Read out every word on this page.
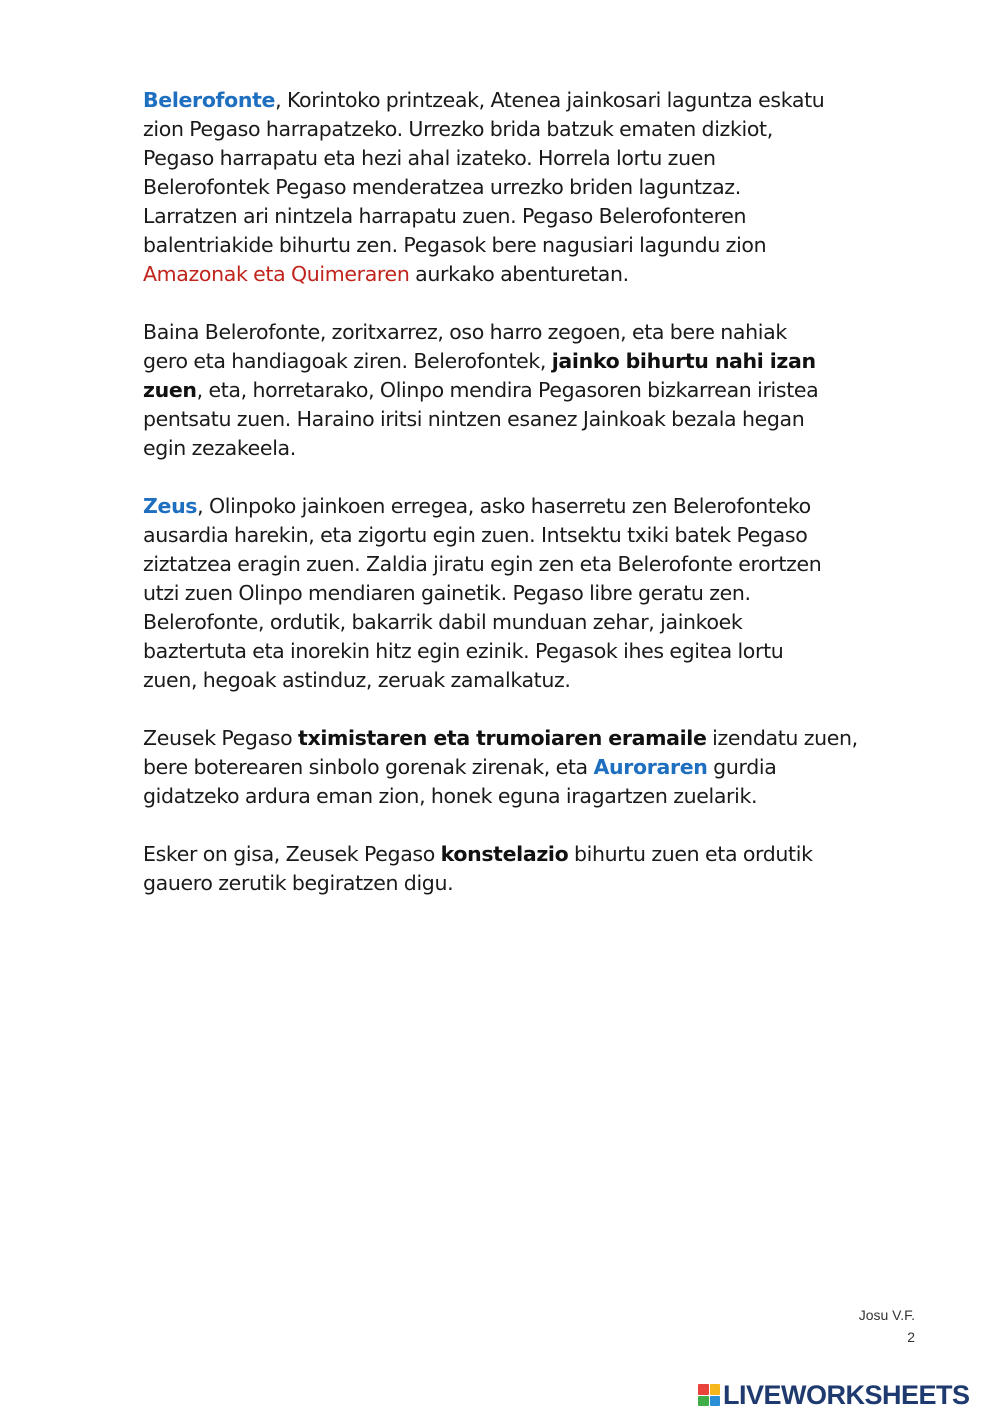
Belerofonte, Korintoko printzeak, Atenea jainkosari laguntza eskatu
zion Pegaso harrapatzeko. Urrezko brida batzuk ematen dizkiot,
Pegaso harrapatu eta hezi ahal izateko. Horrela lortu zuen
Belerofontek Pegaso menderatzea urrezko briden laguntzaz.
Larratzen ari nintzela harrapatu zuen. Pegaso Belerofonteren
balentriakide bihurtu zen. Pegasok bere nagusiari lagundu zion
Amazonak eta Quimeraren aurkako abenturetan.

Baina Belerofonte, zoritxarrez, oso harro zegoen, eta bere nahiak
gero eta handiagoak ziren. Belerofontek, jainko bihurtu nahi izan
zuen, eta, horretarako, Olinpo mendira Pegasoren bizkarrean iristea
pentsatu zuen. Haraino iritsi nintzen esanez Jainkoak bezala hegan
egin zezakeela.

Zeus, Olinpoko jainkoen erregea, asko haserretu zen Belerofonteko
ausardia harekin, eta zigortu egin zuen. Intsektu txiki batek Pegaso
ziztatzea eragin zuen. Zaldia jiratu egin zen eta Belerofonte erortzen
utzi zuen Olinpo mendiaren gainetik. Pegaso libre geratu zen.
Belerofonte, ordutik, bakarrik dabil munduan zehar, jainkoek
baztertuta eta inorekin hitz egin ezinik. Pegasok ihes egitea lortu
zuen, hegoak astinduz, zeruak zamalkatuz.

Zeusek Pegaso tximistaren eta trumoiaren eramaile izendatu zuen,
bere boterearen sinbolo gorenak zirenak, eta Auroraren gurdia
gidatzeko ardura eman zion, honek eguna iragartzen zuelarik.

Esker on gisa, Zeusek Pegaso konstelazio bihurtu zuen eta ordutik
gauero zerutik begiratzen digu.

Josu V.F.
2
LIVEWORKSHEETS
